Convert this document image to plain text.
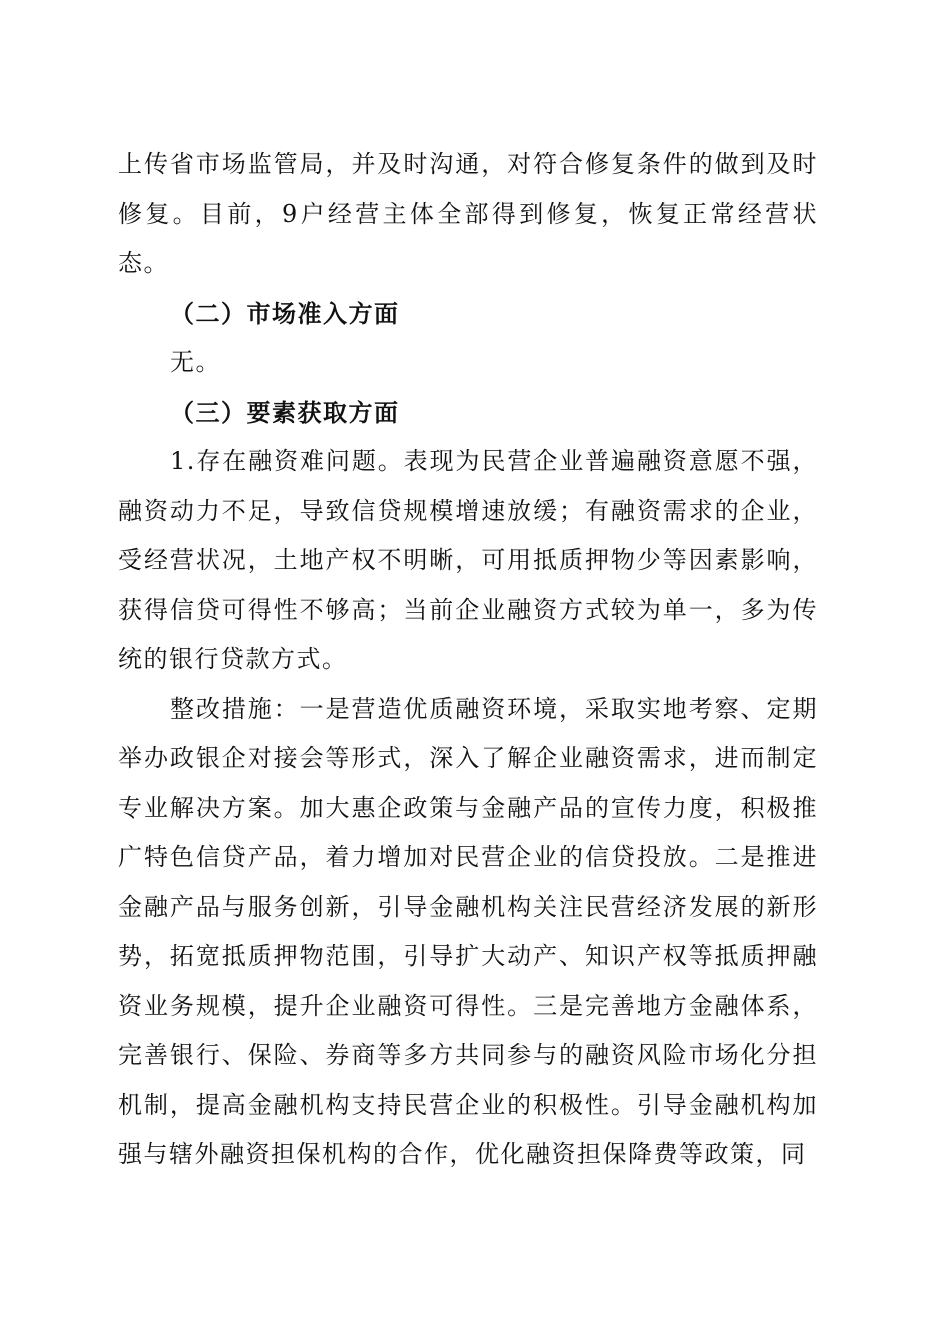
上传省市场监管局，并及时沟通，对符合修复条件的做到及时修复。目前，9户经营主体全部得到修复，恢复正常经营状态。

（二）市场准入方面

无。

（三）要素获取方面

1.存在融资难问题。表现为民营企业普遍融资意愿不强，融资动力不足，导致信贷规模增速放缓；有融资需求的企业，受经营状况，土地产权不明晰，可用抵质押物少等因素影响，获得信贷可得性不够高；当前企业融资方式较为单一，多为传统的银行贷款方式。

整改措施：一是营造优质融资环境，采取实地考察、定期举办政银企对接会等形式，深入了解企业融资需求，进而制定专业解决方案。加大惠企政策与金融产品的宣传力度，积极推广特色信贷产品，着力增加对民营企业的信贷投放。二是推进金融产品与服务创新，引导金融机构关注民营经济发展的新形势，拓宽抵质押物范围，引导扩大动产、知识产权等抵质押融资业务规模，提升企业融资可得性。三是完善地方金融体系，完善银行、保险、券商等多方共同参与的融资风险市场化分担机制，提高金融机构支持民营企业的积极性。引导金融机构加强与辖外融资担保机构的合作，优化融资担保降费等政策，同
